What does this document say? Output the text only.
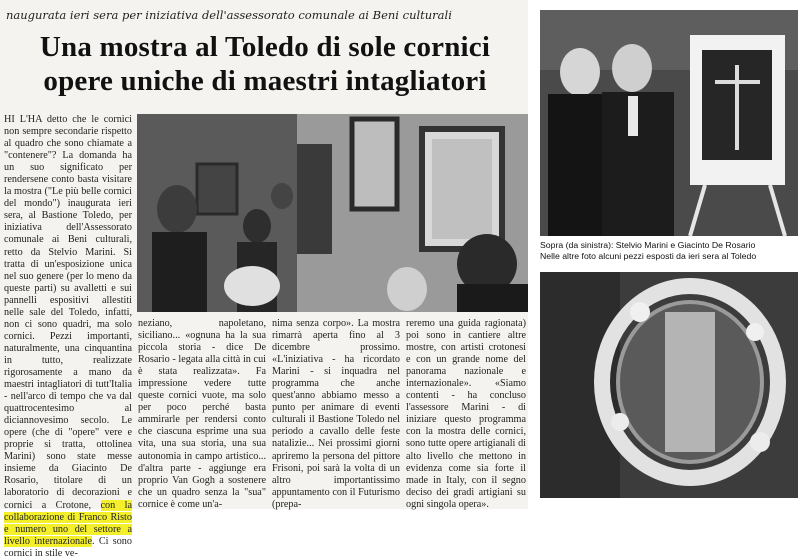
naugurata ieri sera per iniziativa dell'assessorato comunale ai Beni culturali
Una mostra al Toledo di sole cornici
opere uniche di maestri intagliatori

HI L'HA detto che le cornici non sempre secondarie rispetto al quadro che sono chiamate a "contenere"? La domanda ha un suo significato per rendersene conto basta visitare la mostra ("Le più belle cornici del mondo") inaugurata ieri sera, al Bastione Toledo, per iniziativa dell'Assessorato comunale ai Beni culturali, retto da Stelvio Marini. Si tratta di un'esposizione unica nel suo genere (per lo meno da queste parti) su avalletti e sui pannelli espositivi allestiti nelle sale del Toledo, infatti, non ci sono quadri, ma solo cornici. Pezzi importanti, naturalmente, una cinquantina in tutto, realizzate rigorosamente a mano da maestri intagliatori di tutt'Italia - nell'arco di tempo che va dal quattrocentesimo al diciannovesimo secolo. Le opere (che di "opere" vere e proprie si tratta, ottolinea Marini) sono state messe insieme da Giacinto De Rosario, titolare di un laboratorio di decorazioni e cornici a Crotone, con la collaborazione di Franco Risto e numero uno del settore a livello internazionale. Ci sono cornici in stile ve-

neziano, napoletano, siciliano... «ognuna ha la sua piccola storia - dice De Rosario - legata alla città in cui è stata realizzata». Fa impressione vedere tutte queste cornici vuote, ma solo per poco perché basta ammirarle per rendersi conto che ciascuna esprime una sua vita, una sua storia, una sua autonomia in campo artistico... d'altra parte - aggiunge era proprio Van Gogh a sostenere che un quadro senza la "sua" cornice è come un'a-
nima senza corpo». La mostra rimarrà aperta fino al 3 dicembre prossimo. «L'iniziativa - ha ricordato Marini - si inquadra nel programma che anche quest'anno abbiamo messo a punto per animare di eventi culturali il Bastione Toledo nel periodo a cavallo delle feste natalizie... Nei prossimi giorni apriremo la persona del pittore Frisoni, poi sarà la volta di un altro importantissimo appuntamento con il Futurismo (prepa-
reremo una guida ragionata) poi sono in cantiere altre mostre, con artisti crotonesi e con un grande nome del panorama nazionale e internazionale». «Siamo contenti - ha concluso l'assessore Marini - di iniziare questo programma con la mostra delle cornici, sono tutte opere artigianali di alto livello che mettono in evidenza come sia forte il made in Italy, con il segno deciso dei gradi artigiani su ogni singola opera».

Sopra (da sinistra): Stelvio Marini e Giacinto De Rosario

Nelle altre foto alcuni pezzi esposti da ieri sera al Toledo
